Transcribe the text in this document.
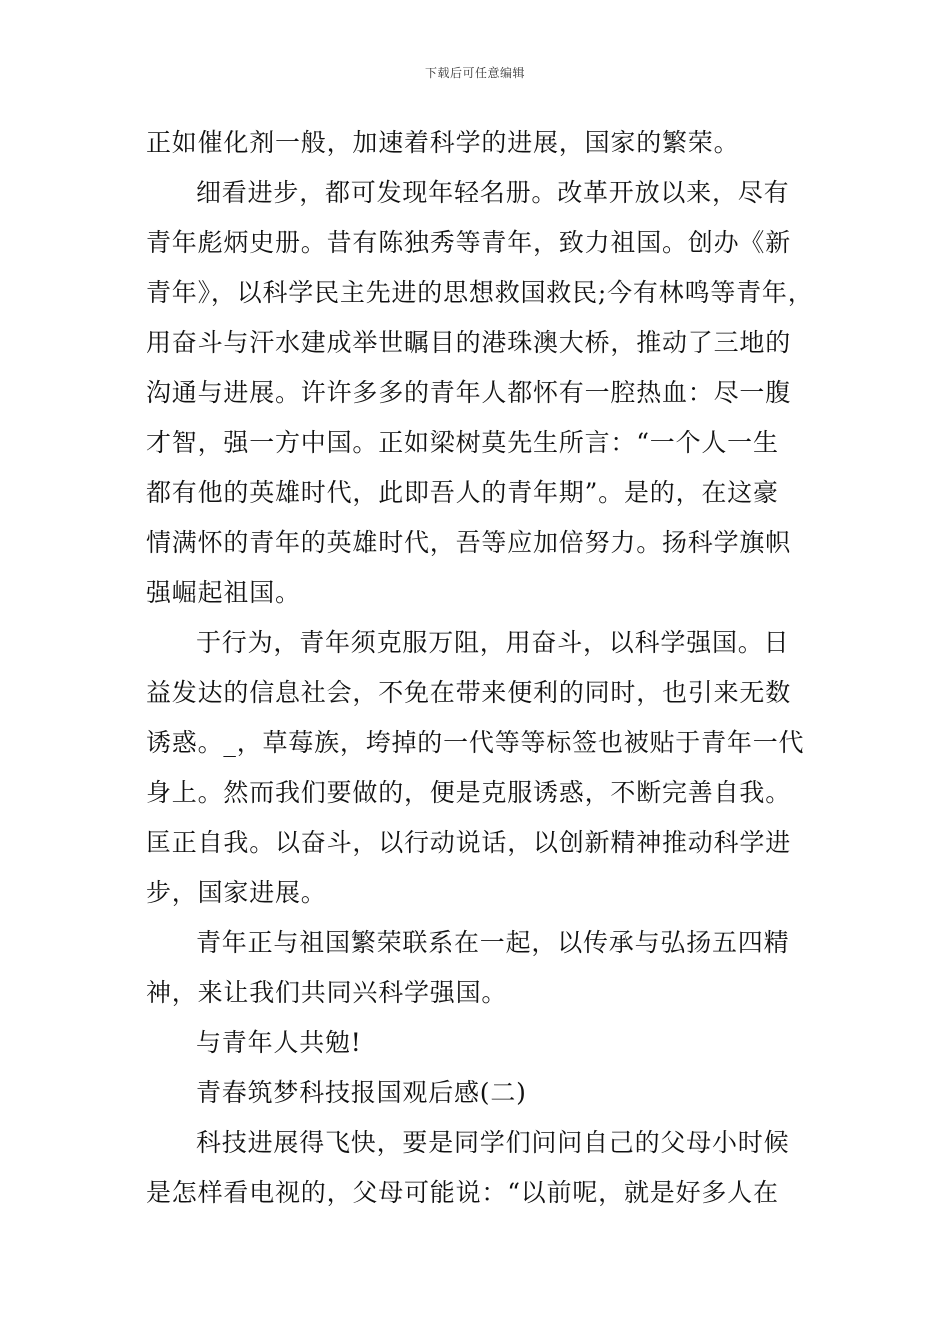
下载后可任意编辑
正如催化剂一般，加速着科学的进展，国家的繁荣。
细看进步，都可发现年轻名册。改革开放以来，尽有
青年彪炳史册。昔有陈独秀等青年，致力祖国。创办《新
青年》，以科学民主先进的思想救国救民;今有林鸣等青年，
用奋斗与汗水建成举世瞩目的港珠澳大桥，推动了三地的
沟通与进展。许许多多的青年人都怀有一腔热血：尽一腹
才智，强一方中国。正如梁树莫先生所言：“一个人一生
都有他的英雄时代，此即吾人的青年期”。是的，在这豪
情满怀的青年的英雄时代，吾等应加倍努力。扬科学旗帜
强崛起祖国。
于行为，青年须克服万阻，用奋斗，以科学强国。日
益发达的信息社会，不免在带来便利的同时，也引来无数
诱惑。_，草莓族，垮掉的一代等等标签也被贴于青年一代
身上。然而我们要做的，便是克服诱惑，不断完善自我。
匡正自我。以奋斗，以行动说话，以创新精神推动科学进
步，国家进展。
青年正与祖国繁荣联系在一起，以传承与弘扬五四精
神，来让我们共同兴科学强国。
与青年人共勉!
青春筑梦科技报国观后感(二)
科技进展得飞快，要是同学们问问自己的父母小时候
是怎样看电视的，父母可能说：“以前呢，就是好多人在
